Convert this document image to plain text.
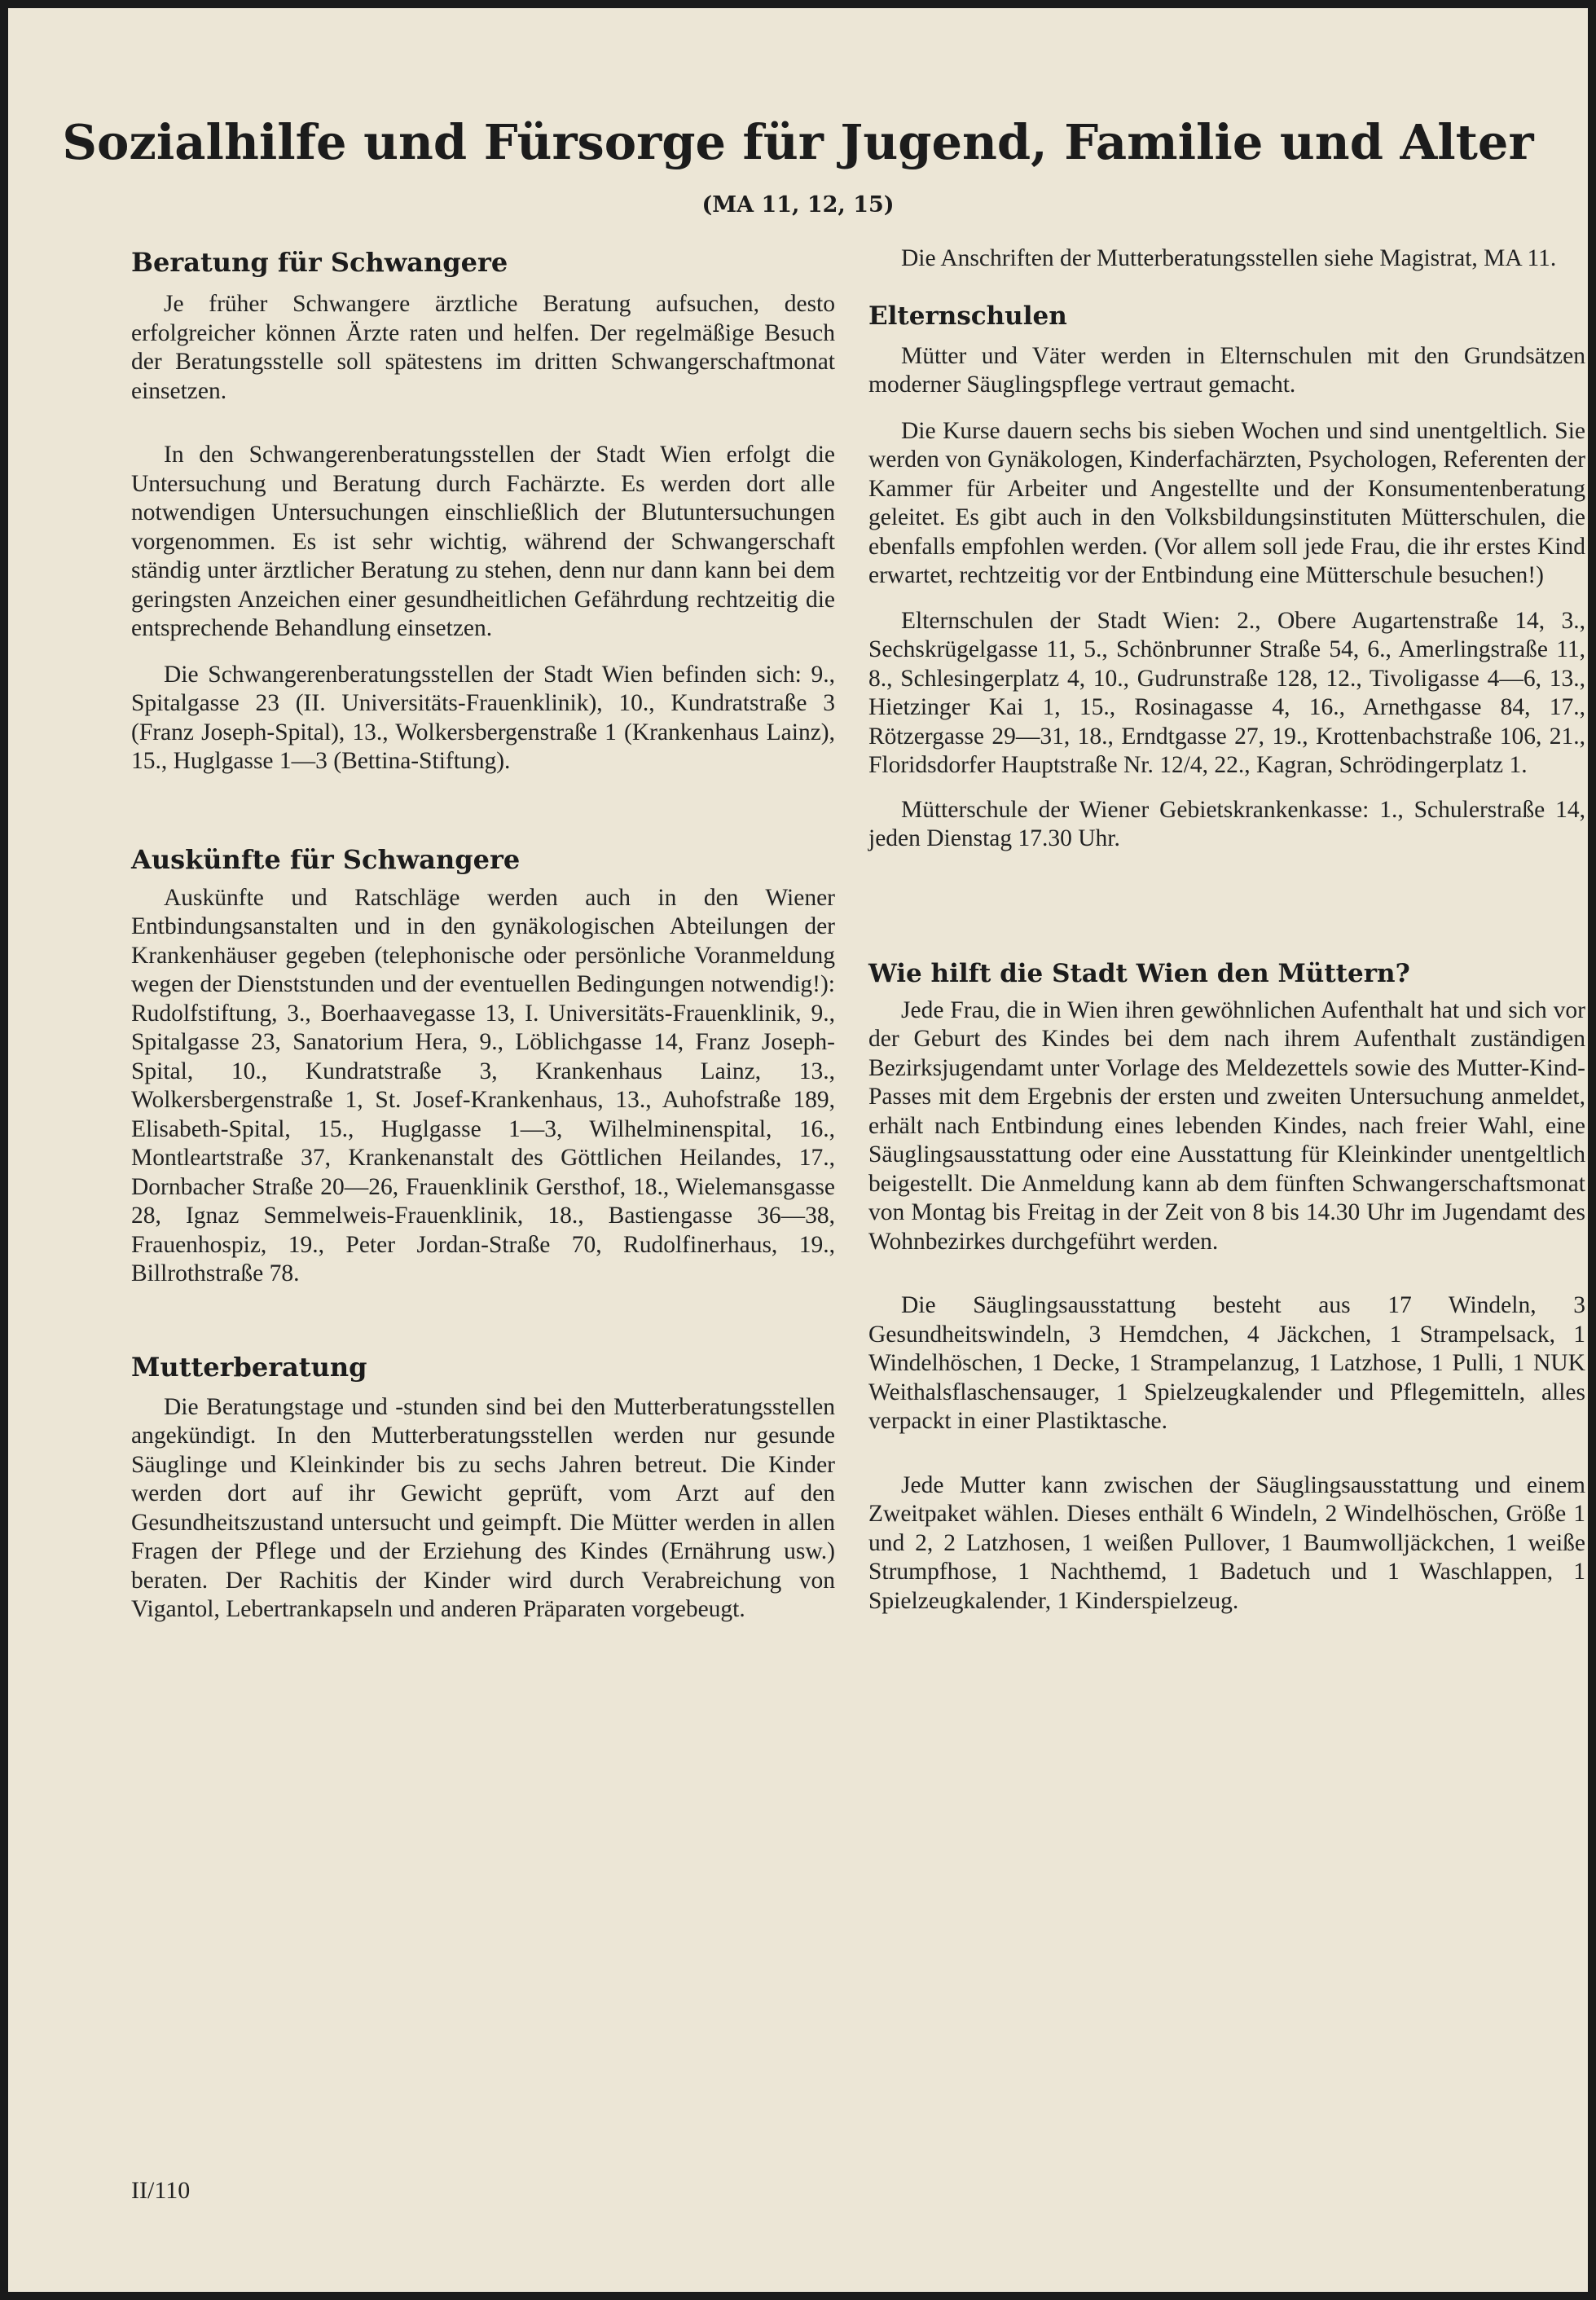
Sozialhilfe und Fürsorge für Jugend, Familie und Alter
(MA 11, 12, 15)
Beratung für Schwangere

Je früher Schwangere ärztliche Beratung aufsuchen, desto erfolgreicher können Ärzte raten und helfen. Der regelmäßige Besuch der Beratungsstelle soll spätestens im dritten Schwangerschaftmonat einsetzen.

In den Schwangerenberatungsstellen der Stadt Wien erfolgt die Untersuchung und Beratung durch Fachärzte. Es werden dort alle notwendigen Untersuchungen einschließlich der Blutuntersuchungen vorgenommen. Es ist sehr wichtig, während der Schwangerschaft ständig unter ärztlicher Beratung zu stehen, denn nur dann kann bei dem geringsten Anzeichen einer gesundheitlichen Gefährdung rechtzeitig die entsprechende Behandlung einsetzen.

Die Schwangerenberatungsstellen der Stadt Wien befinden sich: 9., Spitalgasse 23 (II. Universitäts-Frauenklinik), 10., Kundratstraße 3 (Franz Joseph-Spital), 13., Wolkersbergenstraße 1 (Krankenhaus Lainz), 15., Huglgasse 1—3 (Bettina-Stiftung).

Auskünfte für Schwangere

Auskünfte und Ratschläge werden auch in den Wiener Entbindungsanstalten und in den gynäkologischen Abteilungen der Krankenhäuser gegeben (telephonische oder persönliche Voranmeldung wegen der Dienststunden und der eventuellen Bedingungen notwendig!): Rudolfstiftung, 3., Boerhaavegasse 13, I. Universitäts-Frauenklinik, 9., Spitalgasse 23, Sanatorium Hera, 9., Löblichgasse 14, Franz Joseph-Spital, 10., Kundratstraße 3, Krankenhaus Lainz, 13., Wolkersbergenstraße 1, St. Josef-Krankenhaus, 13., Auhofstraße 189, Elisabeth-Spital, 15., Huglgasse 1—3, Wilhelminenspital, 16., Montleartstraße 37, Krankenanstalt des Göttlichen Heilandes, 17., Dornbacher Straße 20—26, Frauenklinik Gersthof, 18., Wielemansgasse 28, Ignaz Semmelweis-Frauenklinik, 18., Bastiengasse 36—38, Frauenhospiz, 19., Peter Jordan-Straße 70, Rudolfinerhaus, 19., Billrothstraße 78.

Mutterberatung

Die Beratungstage und -stunden sind bei den Mutterberatungsstellen angekündigt. In den Mutterberatungsstellen werden nur gesunde Säuglinge und Kleinkinder bis zu sechs Jahren betreut. Die Kinder werden dort auf ihr Gewicht geprüft, vom Arzt auf den Gesundheitszustand untersucht und geimpft. Die Mütter werden in allen Fragen der Pflege und der Erziehung des Kindes (Ernährung usw.) beraten. Der Rachitis der Kinder wird durch Verabreichung von Vigantol, Lebertrankapseln und anderen Präparaten vorgebeugt.

Die Anschriften der Mutterberatungsstellen siehe Magistrat, MA 11.

Elternschulen

Mütter und Väter werden in Elternschulen mit den Grundsätzen moderner Säuglingspflege vertraut gemacht.

Die Kurse dauern sechs bis sieben Wochen und sind unentgeltlich. Sie werden von Gynäkologen, Kinderfachärzten, Psychologen, Referenten der Kammer für Arbeiter und Angestellte und der Konsumentenberatung geleitet. Es gibt auch in den Volksbildungsinstituten Mütterschulen, die ebenfalls empfohlen werden. (Vor allem soll jede Frau, die ihr erstes Kind erwartet, rechtzeitig vor der Entbindung eine Mütterschule besuchen!)

Elternschulen der Stadt Wien: 2., Obere Augartenstraße 14, 3., Sechskrügelgasse 11, 5., Schönbrunner Straße 54, 6., Amerlingstraße 11, 8., Schlesingerplatz 4, 10., Gudrunstraße 128, 12., Tivoligasse 4—6, 13., Hietzinger Kai 1, 15., Rosinagasse 4, 16., Arnethgasse 84, 17., Rötzergasse 29—31, 18., Erndtgasse 27, 19., Krottenbachstraße 106, 21., Floridsdorfer Hauptstraße Nr. 12/4, 22., Kagran, Schrödingerplatz 1.

Mütterschule der Wiener Gebietskrankenkasse: 1., Schulerstraße 14, jeden Dienstag 17.30 Uhr.

Wie hilft die Stadt Wien den Müttern?

Jede Frau, die in Wien ihren gewöhnlichen Aufenthalt hat und sich vor der Geburt des Kindes bei dem nach ihrem Aufenthalt zuständigen Bezirksjugendamt unter Vorlage des Meldezettels sowie des Mutter-Kind-Passes mit dem Ergebnis der ersten und zweiten Untersuchung anmeldet, erhält nach Entbindung eines lebenden Kindes, nach freier Wahl, eine Säuglingsausstattung oder eine Ausstattung für Kleinkinder unentgeltlich beigestellt. Die Anmeldung kann ab dem fünften Schwangerschaftsmonat von Montag bis Freitag in der Zeit von 8 bis 14.30 Uhr im Jugendamt des Wohnbezirkes durchgeführt werden.

Die Säuglingsausstattung besteht aus 17 Windeln, 3 Gesundheitswindeln, 3 Hemdchen, 4 Jäckchen, 1 Strampelsack, 1 Windelhöschen, 1 Decke, 1 Strampelanzug, 1 Latzhose, 1 Pulli, 1 NUK Weithalsflaschensauger, 1 Spielzeugkalender und Pflegemitteln, alles verpackt in einer Plastiktasche.

Jede Mutter kann zwischen der Säuglingsausstattung und einem Zweitpaket wählen. Dieses enthält 6 Windeln, 2 Windelhöschen, Größe 1 und 2, 2 Latzhosen, 1 weißen Pullover, 1 Baumwolljäckchen, 1 weiße Strumpfhose, 1 Nachthemd, 1 Badetuch und 1 Waschlappen, 1 Spielzeugkalender, 1 Kinderspielzeug.

II/110
